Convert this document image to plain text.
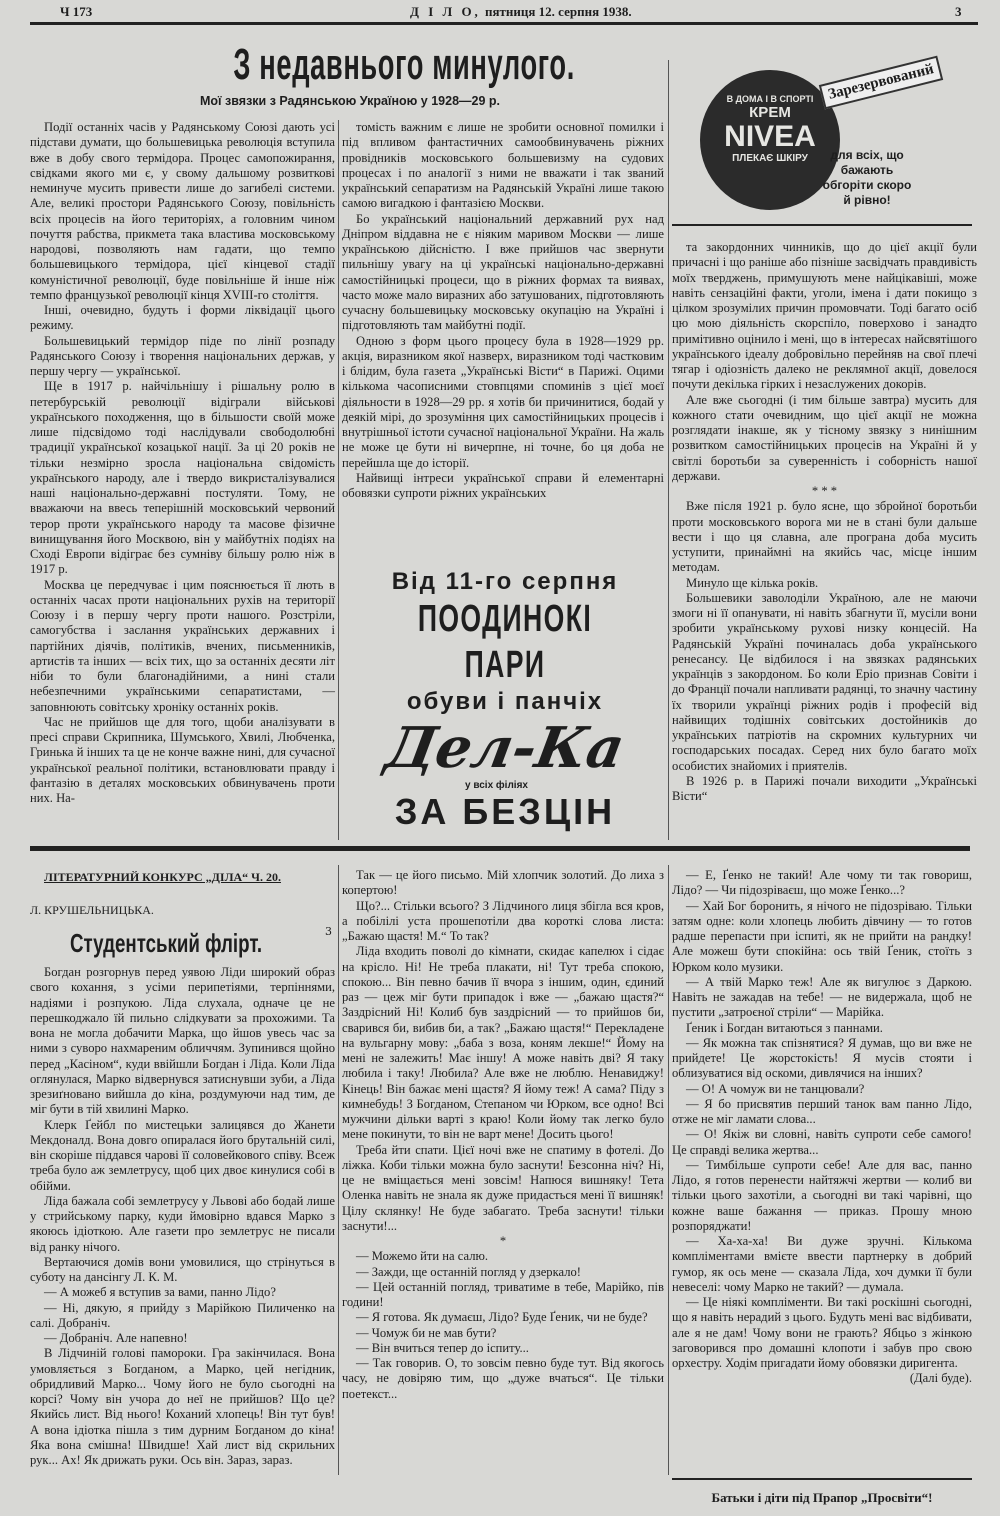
Ч 173	Д І Л О, пятниця 12. серпня 1938.	3
З недавнього минулого.
Мої звязки з Радянською Україною у 1928—29 р.

Події останніх часів у Радянському Союзі дають усі підстави думати, що большевицька революція вступила вже в добу свого термідора. Процес самопожирання, свідками якого ми є, у свому дальшому розвиткові неминуче мусить привести лише до загибелі системи. Але, великі простори Радянського Союзу, повільність всіх процесів на його територіях, а головним чином почуття рабства, прикмета така властива московському народові, позволяють нам гадати, що темпо большевицького термідора, цієї кінцевої стадії комуністичної революції, буде повільніше й інше ніж темпо французької революції кінця XVIII-го століття.

Інші, очевидно, будуть і форми ліквідації цього режиму.

Большевицький термідор піде по лінії розпаду Радянського Союзу і творення національних держав, у першу чергу — української.

Ще в 1917 р. найчільнішу і рішальну ролю в петербурській революції відіграли військові українського походження, що в більшости своїй може лише підсвідомо тоді наслідували свободолюбні традиції української козацької нації. За ці 20 років не тільки незмірно зросла національна свідомість українського народу, але і твердо викристалізувалися наші національно-державні постуляти. Тому, не вважаючи на ввесь теперішній московський червоний терор проти українського народу та масове фізичне винищування його Москвою, він у майбутніх подіях на Сході Европи відіграє без сумніву більшу ролю ніж в 1917 р.

Москва це передчуває і цим пояснюється її лють в останніх часах проти національних рухів на території Союзу і в першу чергу проти нашого. Розстріли, самогубства і заслання українських державних і партійних діячів, політиків, вчених, письменників, артистів та інших — всіх тих, що за останніх десяти літ ніби то були благонадійними, а нині стали небезпечними українськими сепаратистами, — заповнюють совітську хроніку останніх років.

Час не прийшов ще для того, щоби аналізувати в пресі справи Скрипника, Шумського, Хвилі, Любченка, Гринька й інших та це не конче важне нині, для сучасної української реальної політики, встановлювати правду і фантазію в деталях московських обвинувачень проти них. На-

томість важним є лише не зробити основної помилки і під впливом фантастичних самообвинувачень ріжних провідників московського большевизму на судових процесах і по аналогії з ними не вважати і так званий український сепаратизм на Радянській Україні лише такою самою вигадкою і фантазією Москви.

Бо український національний державний рух над Дніпром віддавна не є ніяким маривом Москви — лише українською дійсністю. І вже прийшов час звернути пильнішу увагу на ці українські національно-державні самостійницькі процеси, що в ріжних формах та виявах, часто може мало виразних або затушованих, підготовляють сучасну большевицьку московську окупацію на Україні і підготовляють там майбутні події.

Одною з форм цього процесу була в 1928—1929 рр. акція, виразником якої назверх, виразником тоді частковим і блідим, була газета „Українські Вісти“ в Парижі. Оцими кількома часописними стовпцями споминів з цієї моєї діяльности в 1928—29 рр. я хотів би причинитися, бодай у деякій мірі, до зрозуміння цих самостійницьких процесів і внутрішньої істоти сучасної національної України. На жаль не може це бути ні вичерпне, ні точне, бо ця доба не перейшла ще до історії.

Найвищі інтреси української справи й елементарні обовязки супроти ріжних українських

та закордонних чинників, що до цієї акції були причасні і що раніше або пізніше засвідчать правдивість моїх тверджень, примушують мене найцікавіші, може навіть сензаційні факти, уголи, імена і дати покищо з цілком зрозумілих причин промовчати. Тоді багато осіб цю мою діяльність скорспіло, поверхово і занадто примітивно оцінило і мені, що в інтересах найсвятішого українського ідеалу добровільно перейняв на свої плечі тягар і одіозність далеко не реклямної акції, довелося почути декілька гірких і незаслужених докорів.

Але вже сьогодні (і тим більше завтра) мусить для кожного стати очевидним, що цієї акції не можна розглядати інакше, як у тісному звязку з нинішним розвитком самостійницьких процесів на Україні й у світлі боротьби за суверенність і соборність нашої держави.

* * *

Вже після 1921 р. було ясне, що збройної боротьби проти московського ворога ми не в стані були дальше вести і що ця славна, але програна доба мусить уступити, принаймні на якийсь час, місце іншим методам.

Минуло ще кілька років.

Большевики заволоділи Україною, але не маючи змоги ні її опанувати, ні навіть збагнути її, мусіли вони зробити українському рухові низку концесій. На Радянській Україні починалась доба українського ренесансу. Це відбилося і на звязках радянських українців з закордоном. Бо коли Еріо признав Совіти і до Франції почали напливати радянці, то значну частину їх творили українці ріжних родів і професій від найвищих тодішніх совітських достойників до українських патріотів на скромних культурних чи господарських посадах. Серед них було багато моїх особистих знайомих і приятелів.

В 1926 р. в Парижі почали виходити „Українські Вісти“

В ДОМА І В СПОРТІ
КРЕМ
NIVEA
ПЛЕКАЄ ШКІРУ
Зарезервований
для всіх, що бажають обгоріти скоро й рівно!
Від 11-го серпня
ПООДИНОКІ ПАРИ
обуви і панчіх
Дел-Ка
у всіх філіях
ЗА БЕЗЦІН
ЛІТЕРАТУРНИЙ КОНКУРС „ДІЛА“ Ч. 20.
Л. КРУШЕЛЬНИЦЬКА.
Студентський флірт.	3

Богдан розгорнув перед уявою Ліди широкий образ свого кохання, з усіми перипетіями, терпіннями, надіями і розпукою. Ліда слухала, одначе це не перешкоджало їй пильно слідкувати за прохожими. Та вона не могла добачити Марка, що йшов увесь час за ними з суворо нахмареним обличчям. Зупинився щойно перед „Касіном“, куди ввійшли Богдан і Ліда. Коли Ліда оглянулася, Марко відвернувся затиснувши зуби, а Ліда зрезиґновано вийшла до кіна, роздумуючи над тим, де міг бути в тій хвилині Марко.

Клерк Ґейбл по мистецьки залицявся до Жанети Мекдоналд. Вона довго опиралася його брутальній силі, він скоріше піддався чарові її соловейкового співу. Всеж треба було аж землетрусу, щоб цих двоє кинулися собі в обійми.

Ліда бажала собі землетрусу у Львові або бодай лише у стрийському парку, куди ймовірно вдався Марко з якоюсь ідіоткою. Але газети про землетрус не писали від ранку нічого.

Вертаючися домів вони умовилися, що стрінуться в суботу на дансінгу Л. К. М.

— А можеб я вступив за вами, панно Лідо?

— Ні, дякую, я прийду з Марійкою Пиличенко на салі. Добраніч.

— Добраніч. Але напевно!

В Лідчиній голові памороки. Гра закінчилася. Вона умовляється з Богданом, а Марко, цей негідник, обридливий Марко... Чому його не було сьогодні на корсі? Чому він учора до неї не прийшов? Що це? Якийсь лист. Від нього! Коханий хлопець! Він тут був! А вона ідіотка пішла з тим дурним Богданом до кіна! Яка вона смішна! Швидше! Хай лист від скрильних рук... Ах! Як дрижать руки. Ось він. Зараз, зараз.

Так — це його письмо. Мій хлопчик золотий. До лиха з копертою!

Що?... Стільки всього? З Лідчиного лиця збігла вся кров, а побілілі уста прошепотіли два короткі слова листа: „Бажаю щастя! М.“ То так?

Ліда входить поволі до кімнати, скидає капелюх і сідає на крісло. Ні! Не треба плакати, ні! Тут треба спокою, спокою... Він певно бачив її вчора з іншим, один, єдиний раз — цеж міг бути припадок і вже — „бажаю щастя?“ Заздрісний Ні! Колиб був заздрісний — то прийшов би, сварився би, вибив би, а так? „Бажаю щастя!“ Перекладене на вульгарну мову: „баба з воза, коням лекше!“ Йому на мені не залежить! Має іншу! А може навіть дві? Я таку любила і таку! Любила? Але вже не люблю. Ненавиджу! Кінець! Він бажає мені щастя? Я йому теж! А сама? Піду з кимнебудь! З Богданом, Степаном чи Юрком, все одно! Всі мужчини дільки варті з краю! Коли йому так легко було мене покинути, то він не варт мене! Досить цього!

Треба йти спати. Цієї ночі вже не спатиму в фотелі. До ліжка. Коби тільки можна було заснути! Безсонна ніч? Ні, це не вміщається мені зовсім! Напюся вишняку! Тета Оленка навіть не знала як дуже придасться мені її вишняк! Цілу склянку! Не буде забагато. Треба заснути! тільки заснути!...

*

— Можемо йти на салю.

— Зажди, ще останній погляд у дзеркало!

— Цей останній погляд, триватиме в тебе, Марійко, пів години!

— Я готова. Як думаєш, Лідо? Буде Ґеник, чи не буде?

— Чомуж би не мав бути?

— Він вчиться тепер до іспиту...

— Так говорив. О, то зовсім певно буде тут. Від якогось часу, не довіряю тим, що „дуже вчаться“. Це тільки поетекст...

— Е, Ґенко не такий! Але чому ти так говориш, Лідо? — Чи підозріваєш, що може Ґенко...?

— Хай Бог боронить, я нічого не підозріваю. Тільки затям одне: коли хлопець любить дівчину — то готов радше перепасти при іспиті, як не прийти на рандку! Але можеш бути спокійна: ось твій Ґеник, стоїть з Юрком коло музики.

— А твій Марко теж! Але як вигулює з Даркою. Навіть не зажадав на тебе! — не видержала, щоб не пустити „затроєної стріли“ — Марійка.

Ґеник і Богдан витаються з паннами.

— Як можна так спізнятися? Я думав, що ви вже не прийдете! Це жорстокість! Я мусів стояти і облизуватися від оскоми, дивлячися на інших?

— О! А чомуж ви не танцювали?

— Я бо присвятив перший танок вам панно Лідо, отже не міг ламати слова...

— О! Якіж ви словні, навіть супроти себе самого! Це справді велика жертва...

— Тимбільше супроти себе! Але для вас, панно Лідо, я готов перенести найтяжчі жертви — колиб ви тільки цього захотіли, а сьогодні ви такі чарівні, що кожне ваше бажання — приказ. Прошу мною розпоряджати!

— Ха-ха-ха! Ви дуже зручні. Кількома компліментами вмієте ввести партнерку в добрий гумор, як ось мене — сказала Ліда, хоч думки її були невеселі: чому Марко не такий? — думала.

— Це ніякі компліменти. Ви такі роскішні сьогодні, що я навіть нерадий з цього. Будуть мені вас відбивати, але я не дам! Чому вони не грають? Ябцьо з жінкою заговорився про домашні клопоти і забув про свою орхестру. Ходім пригадати йому обовязки диригента.

(Далі буде).

Батьки і діти під Прапор „Просвіти“!
